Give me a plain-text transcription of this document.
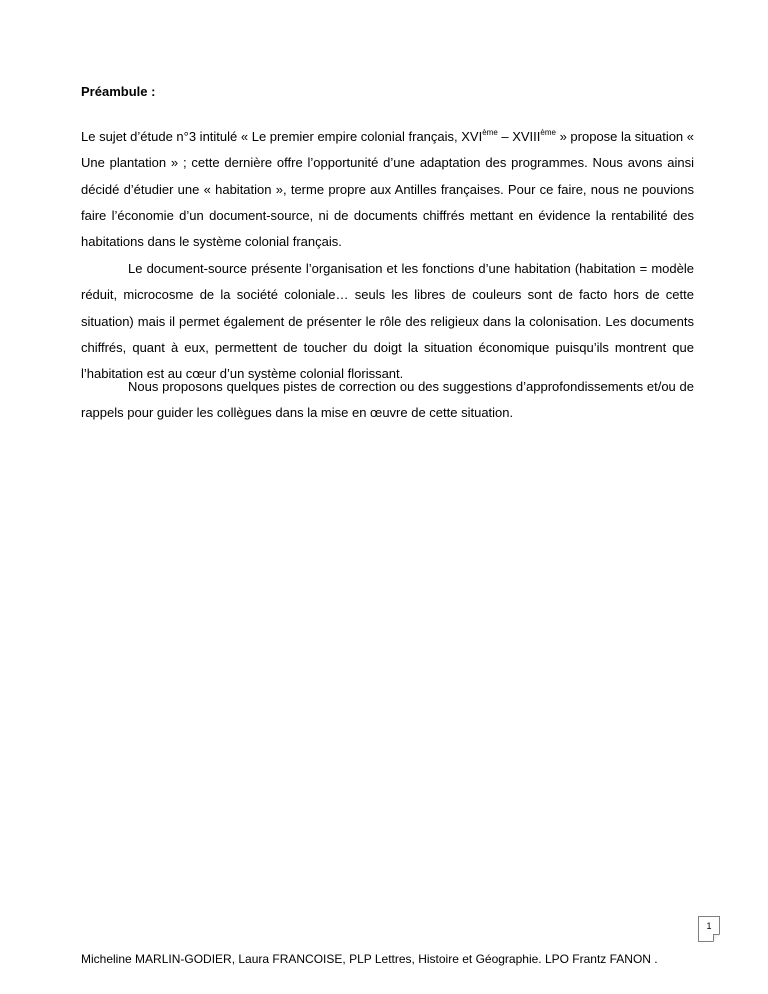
Préambule :

Le sujet d’étude n°3 intitulé « Le premier empire colonial français, XVIème – XVIIIème » propose la situation « Une plantation » ; cette dernière offre l’opportunité d’une adaptation des programmes. Nous avons ainsi décidé d’étudier une « habitation », terme propre aux Antilles françaises. Pour ce faire, nous ne pouvions faire l’économie d’un document-source, ni de documents chiffrés mettant en évidence la rentabilité des habitations dans le système colonial français.

Le document-source présente l’organisation et les fonctions d’une habitation (habitation = modèle réduit, microcosme de la société coloniale… seuls les libres de couleurs sont de facto hors de cette situation) mais il permet également de présenter le rôle des religieux dans la colonisation. Les documents chiffrés, quant à eux, permettent de toucher du doigt la situation économique puisqu’ils montrent que l’habitation est au cœur d’un système colonial florissant.

Nous proposons quelques pistes de correction ou des suggestions d’approfondissements et/ou de rappels pour guider les collègues dans la mise en œuvre de cette situation.

1

Micheline MARLIN-GODIER, Laura FRANCOISE, PLP Lettres, Histoire et Géographie. LPO Frantz FANON .
